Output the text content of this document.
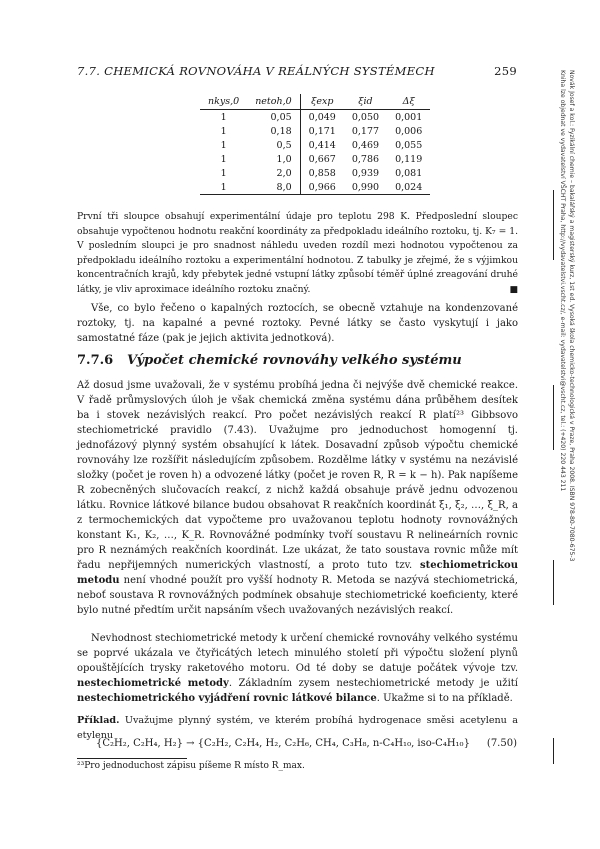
7.7. CHEMICKÁ ROVNOVÁHA V REÁLNÝCH SYSTÉMECH	259	Novák Josef a kol.: Fyzikální chemie – bakalářský a magisterský kurz, 1st ed. Vysoká škola chemicko-technologická v Praze, Praha 2008. ISBN 978-80-7080-675-3
Kniha lze objednat ve vydavatelství VŠCHT Praha, http://vydavatelstvi.vscht.cz/, e-mail: vydavatelstvi@vscht.cz, tel.: (+420) 220 443 211
nkys,0	netoh,0	ξexp	ξid	Δξ
1	0,05	0,049	0,050	0,001
1	0,18	0,171	0,177	0,006
1	0,5	0,414	0,469	0,055
1	1,0	0,667	0,786	0,119
1	2,0	0,858	0,939	0,081
1	8,0	0,966	0,990	0,024
První tři sloupce obsahují experimentální údaje pro teplotu 298 K. Předposlední sloupec obsahuje vypočtenou hodnotu reakční koordináty za předpokladu ideálního roztoku, tj. K₇ = 1. V posledním sloupci je pro snadnost náhledu uveden rozdíl mezi hodnotou vypočtenou za předpokladu ideálního roztoku a experimentální hodnotou. Z tabulky je zřejmé, že s výjimkou koncentračních krajů, kdy přebytek jedné vstupní látky způsobí téměř úplné zreagování druhé látky, je vliv aproximace ideálního roztoku značný.	■
Vše, co bylo řečeno o kapalných roztocích, se obecně vztahuje na kondenzované roztoky, tj. na kapalné a pevné roztoky. Pevné látky se často vyskytují i jako samostatné fáze (pak je jejich aktivita jednotková).
7.7.6 Výpočet chemické rovnováhy velkého systému
Až dosud jsme uvažovali, že v systému probíhá jedna či nejvýše dvě chemické reakce. V řadě průmyslových úloh je však chemická změna systému dána průběhem desítek ba i stovek nezávislých reakcí. Pro počet nezávislých reakcí R platí²³ Gibbsovo stechiometrické pravidlo (7.43). Uvažujme pro jednoduchost homogenní tj. jednofázový plynný systém obsahující k látek. Dosavadní způsob výpočtu chemické rovnováhy lze rozšířit následujícím způsobem. Rozdělme látky v systému na nezávislé složky (počet je roven h) a odvozené látky (počet je roven R, R = k − h). Pak napíšeme R zobecněných slučovacích reakcí, z nichž každá obsahuje právě jednu odvozenou látku. Rovnice látkové bilance budou obsahovat R reakčních koordinát ξ₁, ξ₂, …, ξ_R, a z termochemických dat vypočteme pro uvažovanou teplotu hodnoty rovnovážných konstant K₁, K₂, …, K_R. Rovnovážné podmínky tvoří soustavu R nelineárních rovnic pro R neznámých reakčních koordinát. Lze ukázat, že tato soustava rovnic může mít řadu nepřijemných numerických vlastností, a proto tuto tzv. stechiometrickou metodu není vhodné použít pro vyšší hodnoty R. Metoda se nazývá stechiometrická, neboť soustava R rovnovážných podmínek obsahuje stechiometrické koeficienty, které bylo nutné předtím určit napsáním všech uvažovaných nezávislých reakcí.
Nevhodnost stechiometrické metody k určení chemické rovnováhy velkého systému se poprvé ukázala ve čtyřicátých letech minulého století při výpočtu složení plynů opouštějících trysky raketového motoru. Od té doby se datuje počátek vývoje tzv. nestechiometrické metody. Základním zysem nestechiometrické metody je užití nestechiometrického vyjádření rovnic látkové bilance. Ukažme si to na příkladě.
Příklad. Uvažujme plynný systém, ve kterém probíhá hydrogenace směsi acetylenu a etylenu
{C₂H₂, C₂H₄, H₂} → {C₂H₂, C₂H₄, H₂, C₂H₆, CH₄, C₃H₈, n-C₄H₁₀, iso-C₄H₁₀} (7.50)
²³Pro jednoduchost zápisu píšeme R místo R_max.
